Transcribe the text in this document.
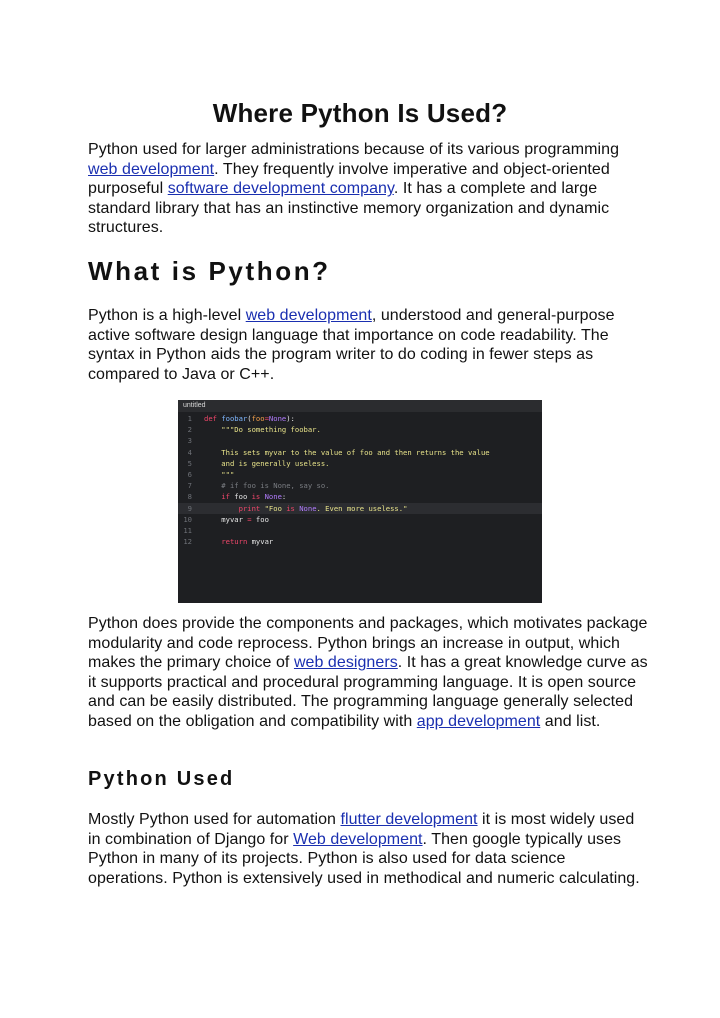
Where Python Is Used?

Python used for larger administrations because of its various programming web development. They frequently involve imperative and object-oriented purposeful software development company. It has a complete and large standard library that has an instinctive memory organization and dynamic structures.

What is Python?

Python is a high-level web development, understood and general-purpose active software design language that importance on code readability. The syntax in Python aids the program writer to do coding in fewer steps as compared to Java or C++.

Python does provide the components and packages, which motivates package modularity and code reprocess. Python brings an increase in output, which makes the primary choice of web designers. It has a great knowledge curve as it supports practical and procedural programming language. It is open source and can be easily distributed. The programming language generally selected based on the obligation and compatibility with app development and list.

Python Used

Mostly Python used for automation flutter development it is most widely used in combination of Django for Web development. Then google typically uses Python in many of its projects. Python is also used for data science operations. Python is extensively used in methodical and numeric calculating.

untitled
1 def foobar(foo=None):
2 """Do something foobar.
3
4 This sets myvar to the value of foo and then returns the value
5 and is generally useless.
6 """
7 # if foo is None, say so.
8	if foo is None:
9	print "Foo is None. Even more useless."
10 myvar = foo
11
12	return myvar
